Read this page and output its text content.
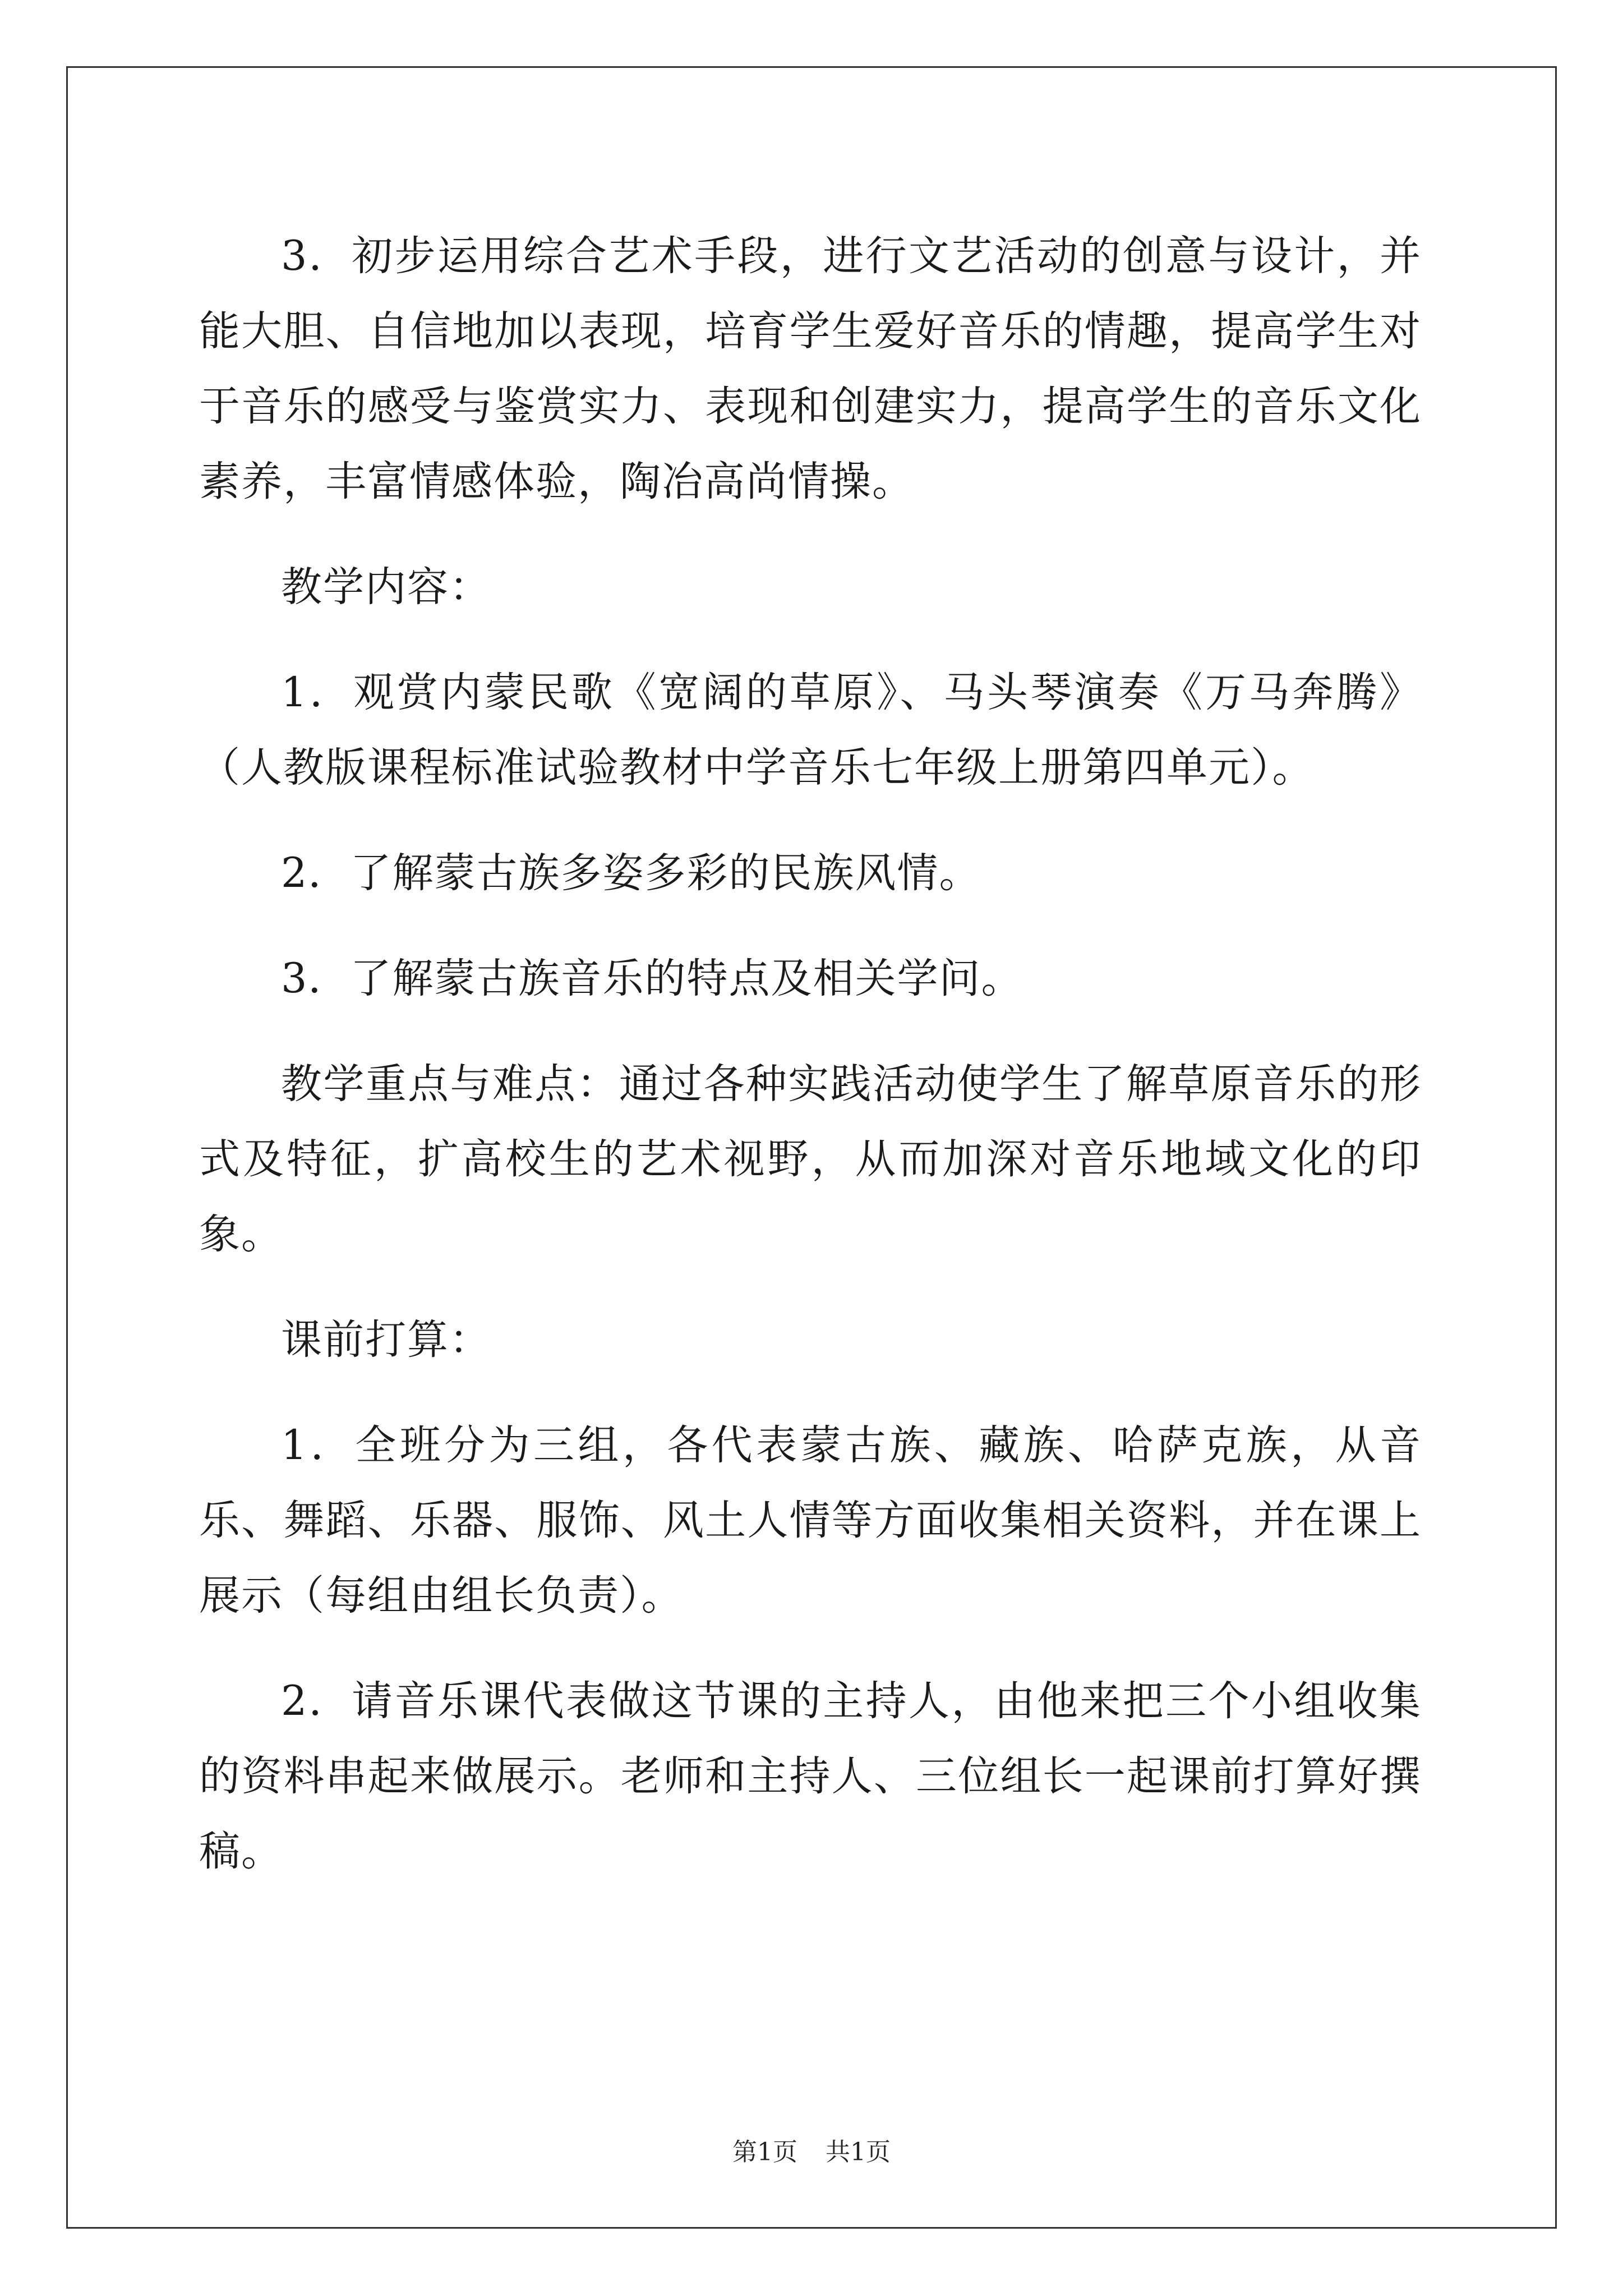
3．初步运用综合艺术手段，进行文艺活动的创意与设计，并能大胆、自信地加以表现，培育学生爱好音乐的情趣，提高学生对于音乐的感受与鉴赏实力、表现和创建实力，提高学生的音乐文化素养，丰富情感体验，陶冶高尚情操。

教学内容：

1．观赏内蒙民歌《宽阔的草原》、马头琴演奏《万马奔腾》（人教版课程标准试验教材中学音乐七年级上册第四单元）。

2．了解蒙古族多姿多彩的民族风情。

3．了解蒙古族音乐的特点及相关学问。

教学重点与难点：通过各种实践活动使学生了解草原音乐的形式及特征，扩高校生的艺术视野，从而加深对音乐地域文化的印象。

课前打算：

1．全班分为三组，各代表蒙古族、藏族、哈萨克族，从音乐、舞蹈、乐器、服饰、风土人情等方面收集相关资料，并在课上展示（每组由组长负责）。

2．请音乐课代表做这节课的主持人，由他来把三个小组收集的资料串起来做展示。老师和主持人、三位组长一起课前打算好撰稿。

第1页 共1页
